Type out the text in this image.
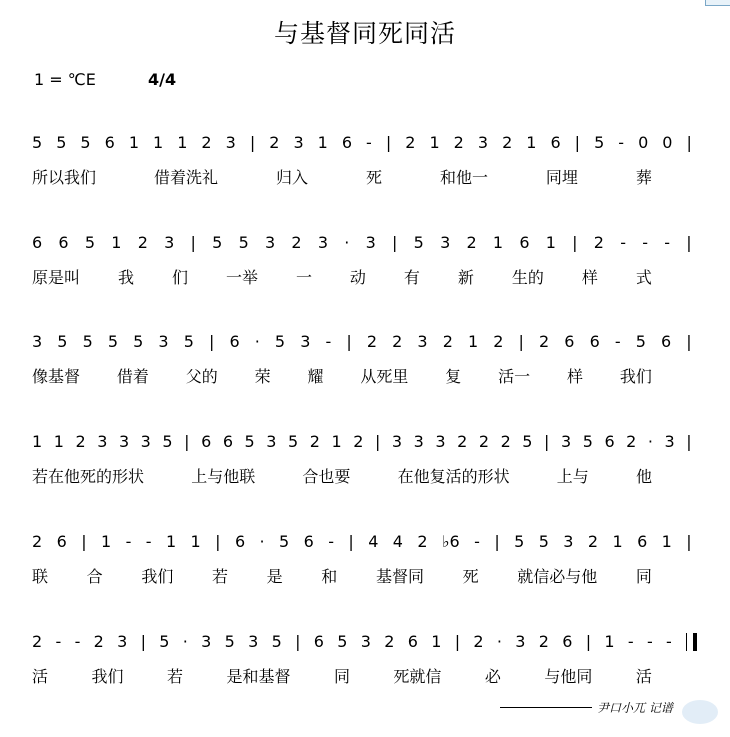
与基督同死同活
1 = ℃E	4/4
5 5 5 6 1 1 1 2 3 | 2 3 1 6 - | 2 1 2 3 2 1 6 | 5 - 0 0 |
所以我们	借着洗礼	归入	死	和他一	同埋	葬
6 6 5 1 2 3 | 5 5 3 2 3 · 3 | 5 3 2 1 6 1 | 2 - - - |
原是叫 我 们 一举 一 动 有 新 生的 样 式
3 5 5 5 5 3 5 | 6 · 5 3 - | 2 2 3 2 1 2 | 2 6 6 - 5 6 |
像基督 借着 父的 荣 耀 从死里 复 活一 样 我们
1 1 2 3 3 3 5 | 6 6 5 3 5 2 1 2 | 3 3 3 2 2 2 5 | 3 5 6 2 · 3 |
若在他死的形状	上与他联	合也要	在他复活的形状	上与	他
2 6 | 1 - - 1 1 | 6 · 5 6 - | 4 4 2 ♭6 - | 5 5 3 2 1 6 1 |
联 合 我们 若 是 和 基督同 死 就信必与他 同
2 - - 2 3 | 5 · 3 5 3 5 | 6 5 3 2 6 1 | 2 · 3 2 6 | 1 - - -
活	我们	若	是和基督	同	死就信	必	与他同	活
尹口小兀 记谱
